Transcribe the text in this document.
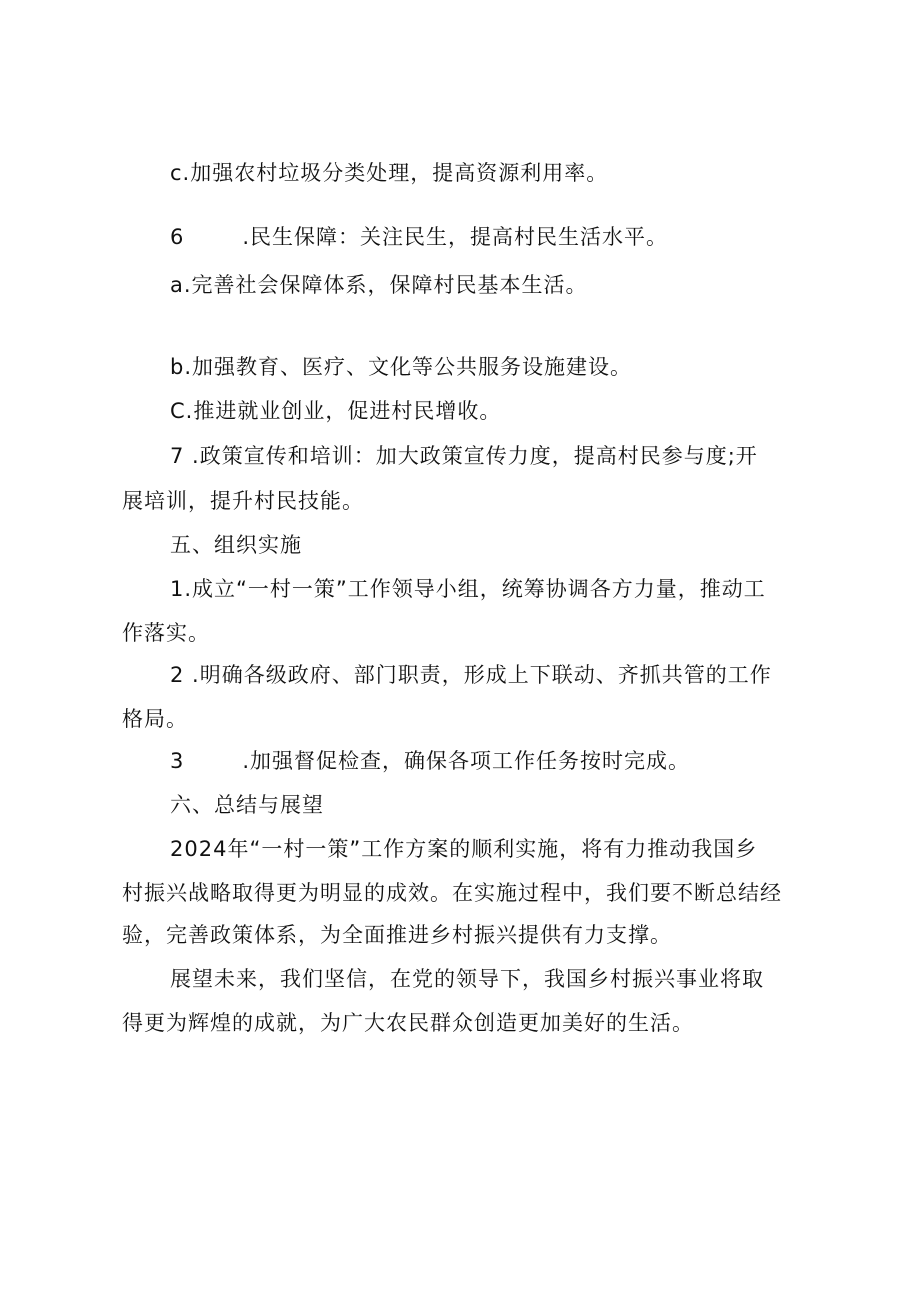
c.加强农村垃圾分类处理，提高资源利用率。
6	.民生保障：关注民生，提高村民生活水平。
a.完善社会保障体系，保障村民基本生活。
b.加强教育、医疗、文化等公共服务设施建设。
C.推进就业创业，促进村民增收。
7 .政策宣传和培训：加大政策宣传力度，提高村民参与度;开
展培训，提升村民技能。
五、组织实施
1.成立“一村一策”工作领导小组，统筹协调各方力量，推动工
作落实。
2 .明确各级政府、部门职责，形成上下联动、齐抓共管的工作
格局。
3	.加强督促检查，确保各项工作任务按时完成。
六、总结与展望
2024年“一村一策”工作方案的顺利实施，将有力推动我国乡
村振兴战略取得更为明显的成效。在实施过程中，我们要不断总结经
验，完善政策体系，为全面推进乡村振兴提供有力支撑。
展望未来，我们坚信，在党的领导下，我国乡村振兴事业将取
得更为辉煌的成就，为广大农民群众创造更加美好的生活。
